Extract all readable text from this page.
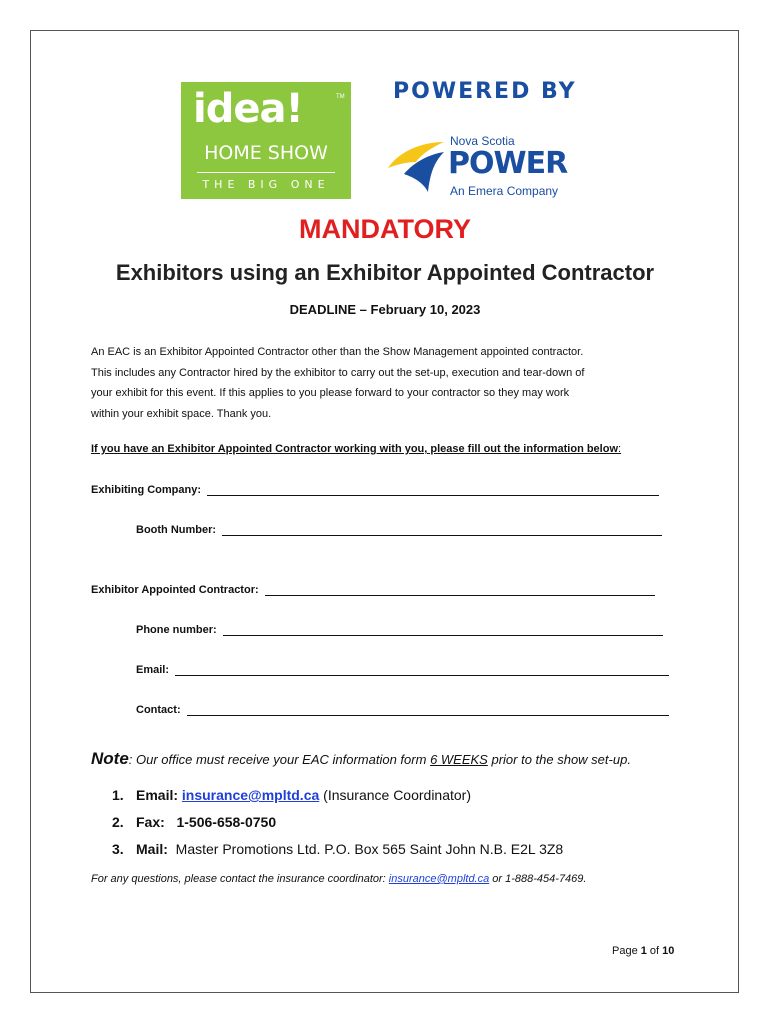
idea!	TM
HOME SHOW
THE BIG ONE
POWERED BY
Nova Scotia
POWER
An Emera Company
MANDATORY
Exhibitors using an Exhibitor Appointed Contractor
DEADLINE – February 10, 2023

An EAC is an Exhibitor Appointed Contractor other than the Show Management appointed contractor.
This includes any Contractor hired by the exhibitor to carry out the set-up, execution and tear-down of
your exhibit for this event. If this applies to you please forward to your contractor so they may work
within your exhibit space. Thank you.

If you have an Exhibitor Appointed Contractor working with you, please fill out the information below:
Exhibiting Company:
Booth Number:
Exhibitor Appointed Contractor:
Phone number:
Email:
Contact:
Note: Our office must receive your EAC information form 6 WEEKS prior to the show set-up.
1. Email: insurance@mpltd.ca (Insurance Coordinator)
2. Fax: 1-506-658-0750
3. Mail: Master Promotions Ltd. P.O. Box 565 Saint John N.B. E2L 3Z8
For any questions, please contact the insurance coordinator: insurance@mpltd.ca or 1-888-454-7469.
Page 1 of 10
